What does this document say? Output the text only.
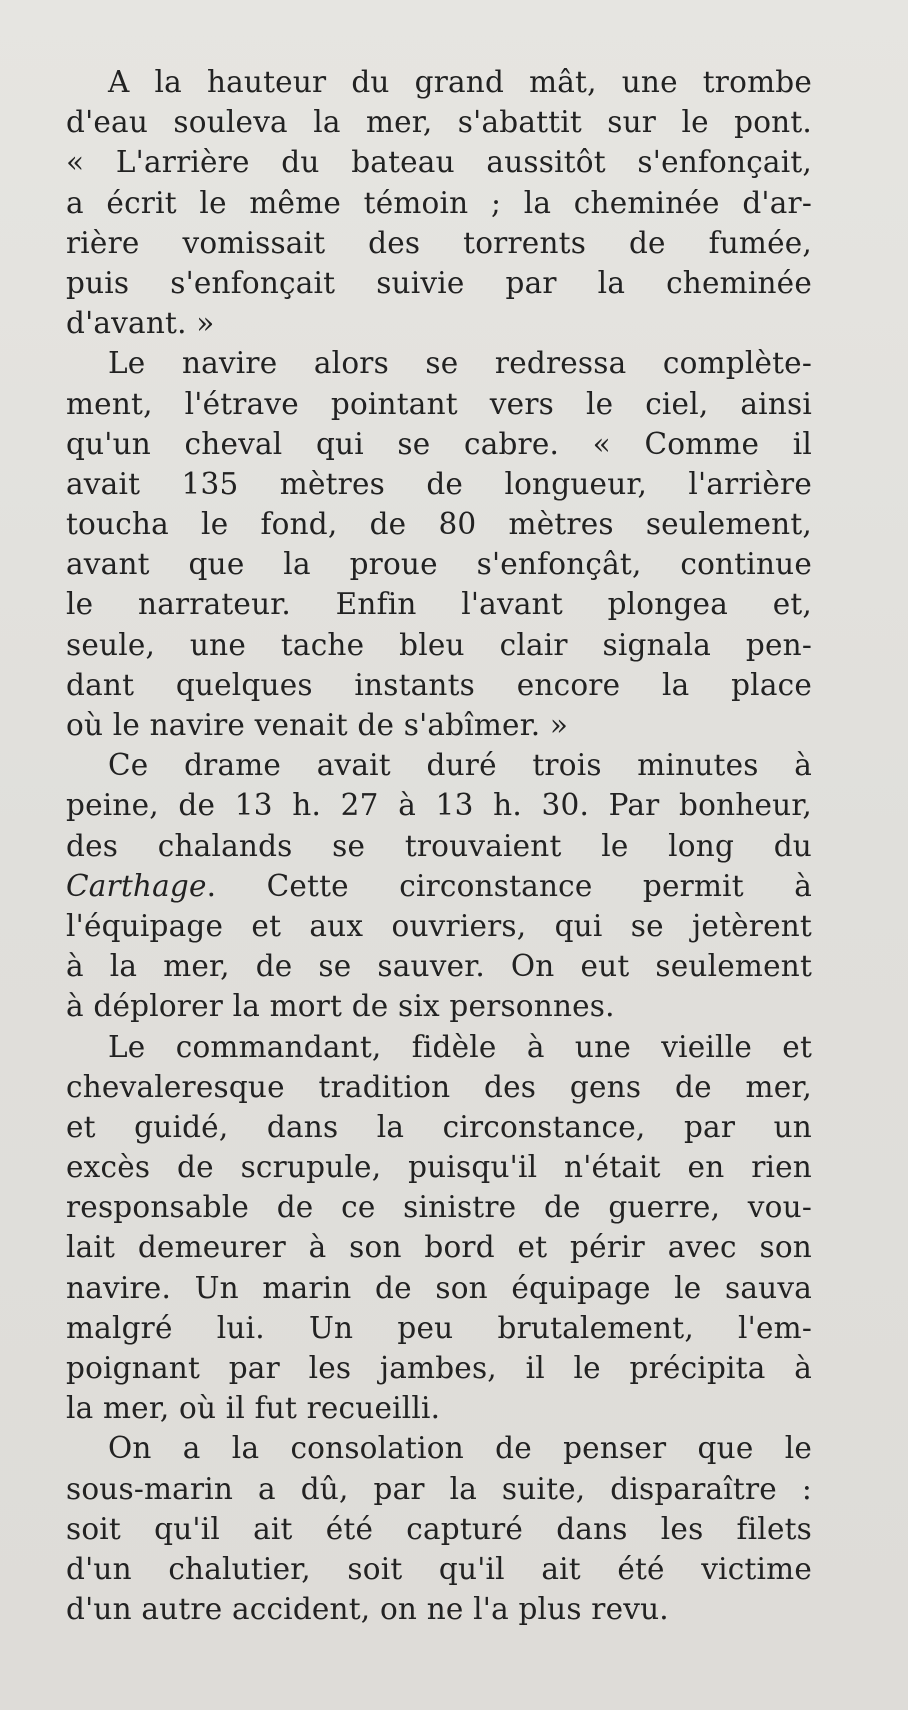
A la hauteur du grand mât, une trombe
d'eau souleva la mer, s'abattit sur le pont.
« L'arrière du bateau aussitôt s'enfonçait,
a écrit le même témoin ; la cheminée d'ar-
rière vomissait des torrents de fumée,
puis s'enfonçait suivie par la cheminée
d'avant. »
Le navire alors se redressa complète-
ment, l'étrave pointant vers le ciel, ainsi
qu'un cheval qui se cabre. « Comme il
avait 135 mètres de longueur, l'arrière
toucha le fond, de 80 mètres seulement,
avant que la proue s'enfonçât, continue
le narrateur. Enfin l'avant plongea et,
seule, une tache bleu clair signala pen-
dant quelques instants encore la place
où le navire venait de s'abîmer. »
Ce drame avait duré trois minutes à
peine, de 13 h. 27 à 13 h. 30. Par bonheur,
des chalands se trouvaient le long du
Carthage. Cette circonstance permit à
l'équipage et aux ouvriers, qui se jetèrent
à la mer, de se sauver. On eut seulement
à déplorer la mort de six personnes.
Le commandant, fidèle à une vieille et
chevaleresque tradition des gens de mer,
et guidé, dans la circonstance, par un
excès de scrupule, puisqu'il n'était en rien
responsable de ce sinistre de guerre, vou-
lait demeurer à son bord et périr avec son
navire. Un marin de son équipage le sauva
malgré lui. Un peu brutalement, l'em-
poignant par les jambes, il le précipita à
la mer, où il fut recueilli.
On a la consolation de penser que le
sous-marin a dû, par la suite, disparaître :
soit qu'il ait été capturé dans les filets
d'un chalutier, soit qu'il ait été victime
d'un autre accident, on ne l'a plus revu.
